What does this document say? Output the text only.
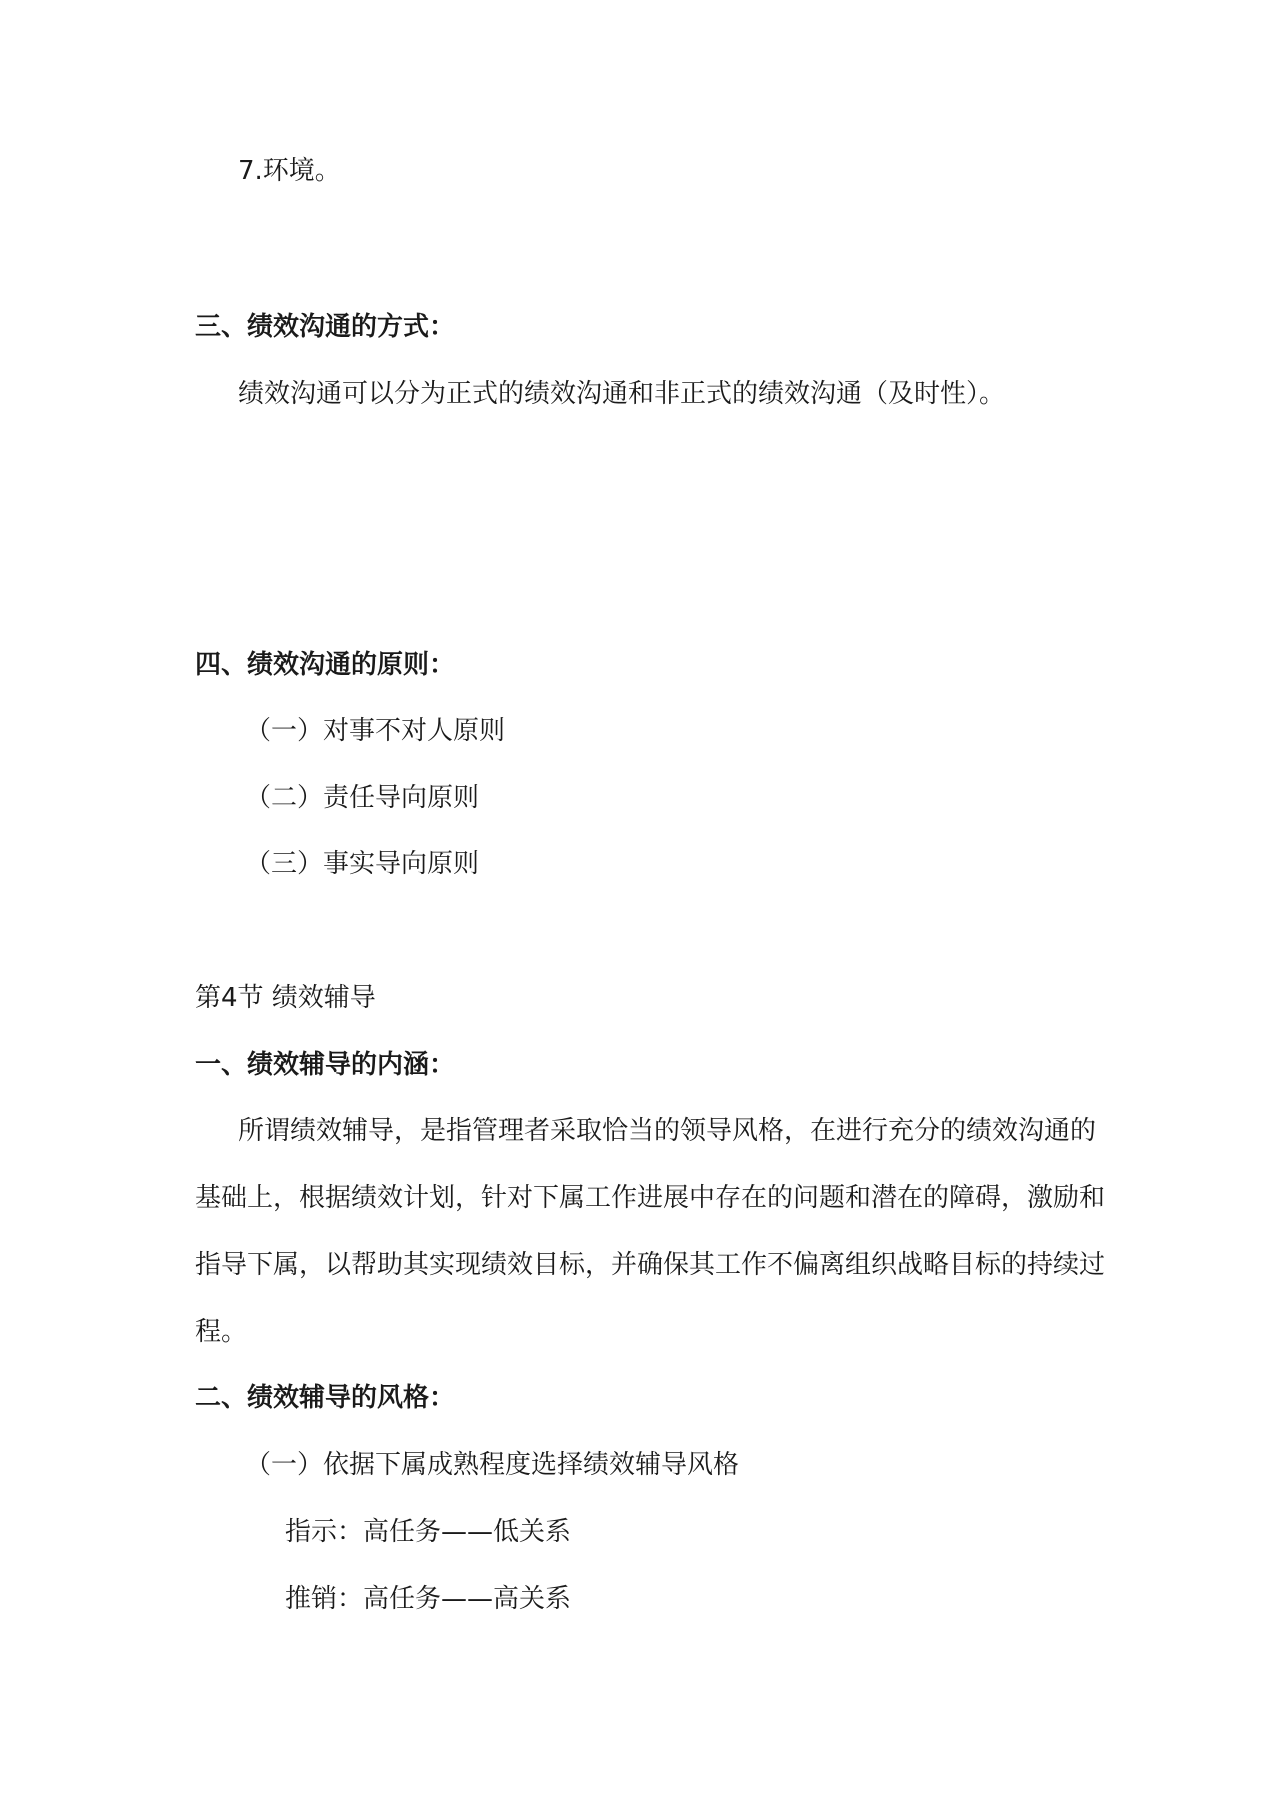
7.环境。
三、绩效沟通的方式：
绩效沟通可以分为正式的绩效沟通和非正式的绩效沟通（及时性）。
四、绩效沟通的原则：
（一）对事不对人原则
（二）责任导向原则
（三）事实导向原则
第4节 绩效辅导
一、绩效辅导的内涵：
所谓绩效辅导，是指管理者采取恰当的领导风格，在进行充分的绩效沟通的
基础上，根据绩效计划，针对下属工作进展中存在的问题和潜在的障碍，激励和
指导下属，以帮助其实现绩效目标，并确保其工作不偏离组织战略目标的持续过
程。
二、绩效辅导的风格：
（一）依据下属成熟程度选择绩效辅导风格
指示：高任务——低关系
推销：高任务——高关系
